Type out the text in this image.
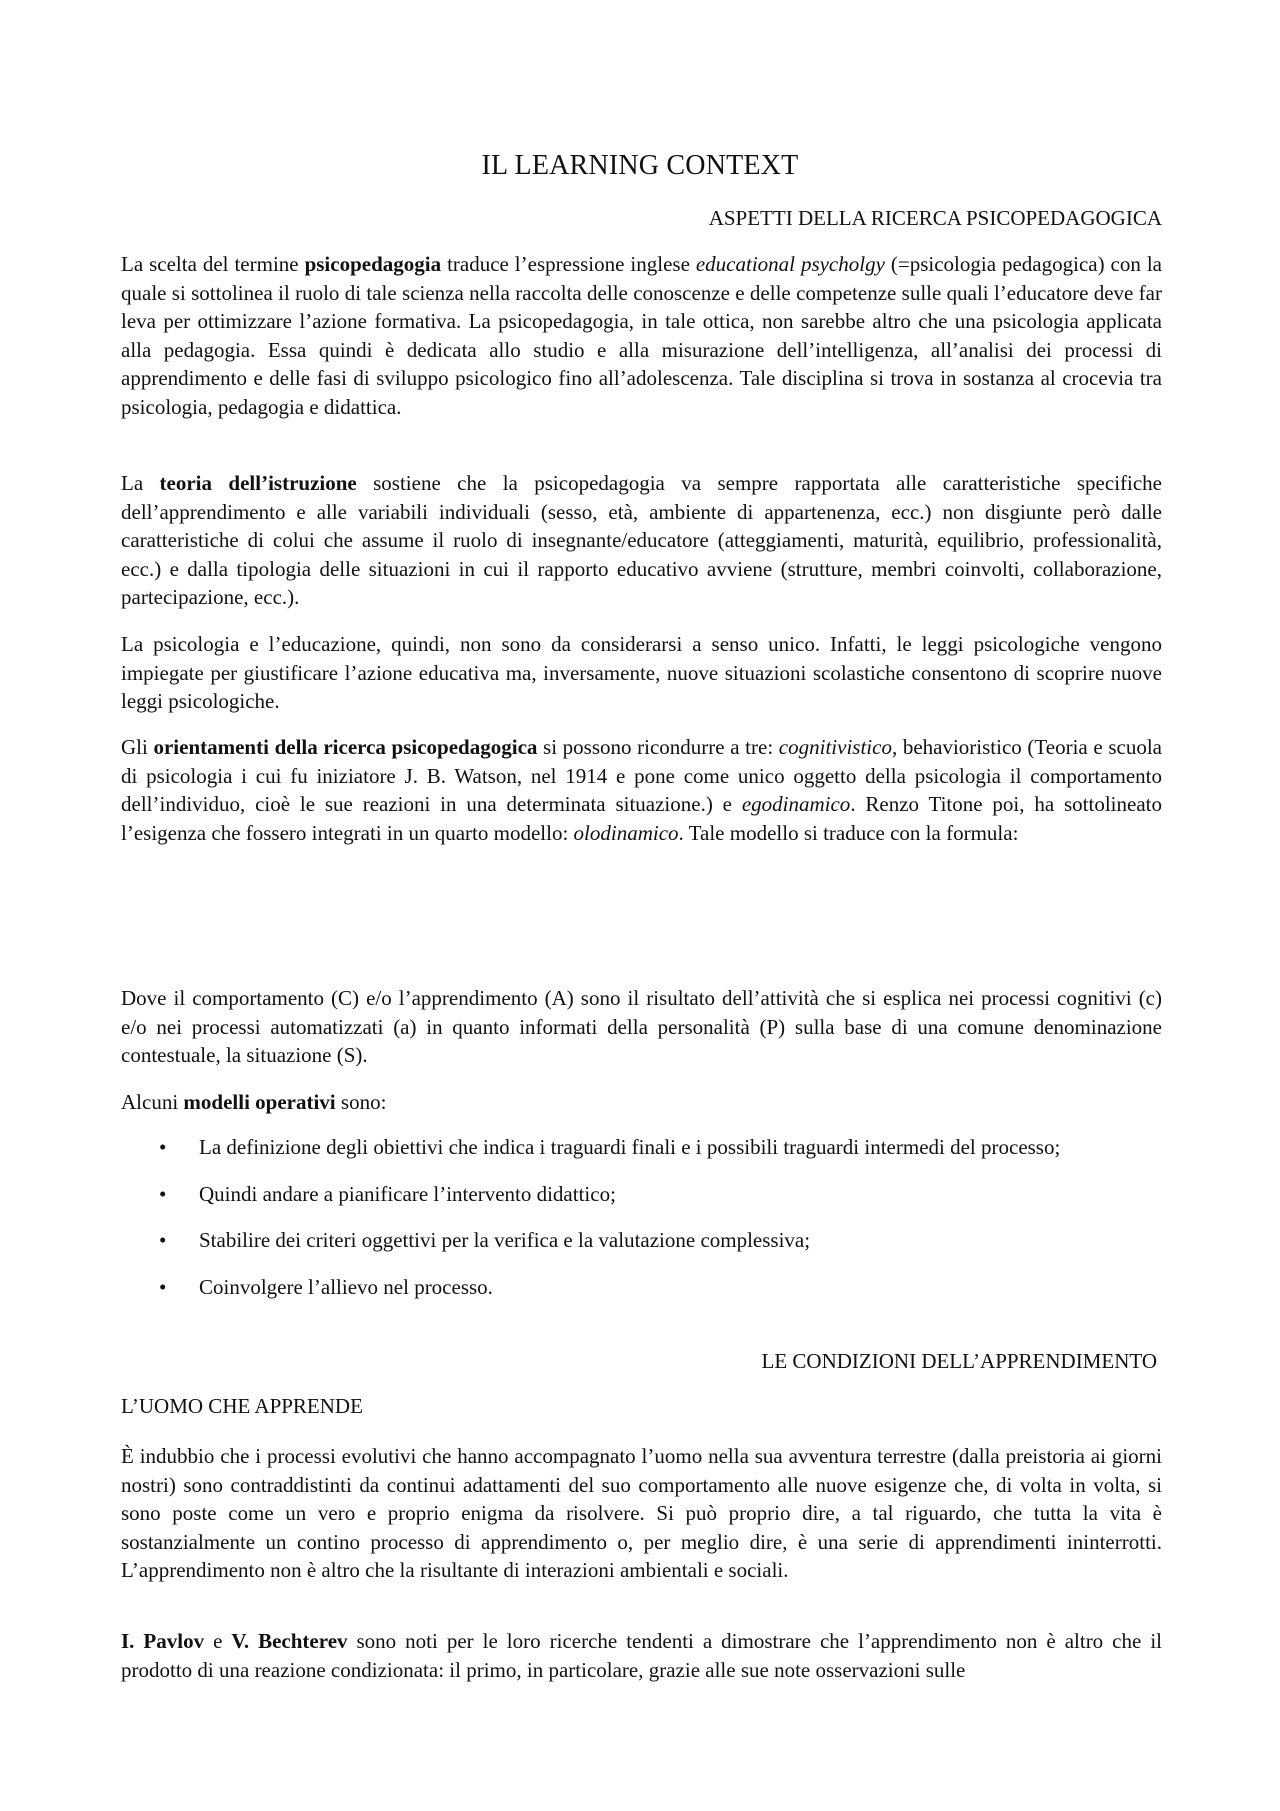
IL LEARNING CONTEXT
ASPETTI DELLA RICERCA PSICOPEDAGOGICA

La scelta del termine psicopedagogia traduce l’espressione inglese educational psycholgy (=psicologia pedagogica) con la quale si sottolinea il ruolo di tale scienza nella raccolta delle conoscenze e delle competenze sulle quali l’educatore deve far leva per ottimizzare l’azione formativa. La psicopedagogia, in tale ottica, non sarebbe altro che una psicologia applicata alla pedagogia. Essa quindi è dedicata allo studio e alla misurazione dell’intelligenza, all’analisi dei processi di apprendimento e delle fasi di sviluppo psicologico fino all’adolescenza. Tale disciplina si trova in sostanza al crocevia tra psicologia, pedagogia e didattica.

La teoria dell’istruzione sostiene che la psicopedagogia va sempre rapportata alle caratteristiche specifiche dell’apprendimento e alle variabili individuali (sesso, età, ambiente di appartenenza, ecc.) non disgiunte però dalle caratteristiche di colui che assume il ruolo di insegnante/educatore (atteggiamenti, maturità, equilibrio, professionalità, ecc.) e dalla tipologia delle situazioni in cui il rapporto educativo avviene (strutture, membri coinvolti, collaborazione, partecipazione, ecc.).

La psicologia e l’educazione, quindi, non sono da considerarsi a senso unico. Infatti, le leggi psicologiche vengono impiegate per giustificare l’azione educativa ma, inversamente, nuove situazioni scolastiche consentono di scoprire nuove leggi psicologiche.

Gli orientamenti della ricerca psicopedagogica si possono ricondurre a tre: cognitivistico, behavioristico (Teoria e scuola di psicologia i cui fu iniziatore J. B. Watson, nel 1914 e pone come unico oggetto della psicologia il comportamento dell’individuo, cioè le sue reazioni in una determinata situazione.) e egodinamico. Renzo Titone poi, ha sottolineato l’esigenza che fossero integrati in un quarto modello: olodinamico. Tale modello si traduce con la formula:

Dove il comportamento (C) e/o l’apprendimento (A) sono il risultato dell’attività che si esplica nei processi cognitivi (c) e/o nei processi automatizzati (a) in quanto informati della personalità (P) sulla base di una comune denominazione contestuale, la situazione (S).

Alcuni modelli operativi sono:

• La definizione degli obiettivi che indica i traguardi finali e i possibili traguardi intermedi del processo;
• Quindi andare a pianificare l’intervento didattico;
• Stabilire dei criteri oggettivi per la verifica e la valutazione complessiva;
• Coinvolgere l’allievo nel processo.
LE CONDIZIONI DELL’APPRENDIMENTO
L’UOMO CHE APPRENDE

È indubbio che i processi evolutivi che hanno accompagnato l’uomo nella sua avventura terrestre (dalla preistoria ai giorni nostri) sono contraddistinti da continui adattamenti del suo comportamento alle nuove esigenze che, di volta in volta, si sono poste come un vero e proprio enigma da risolvere. Si può proprio dire, a tal riguardo, che tutta la vita è sostanzialmente un contino processo di apprendimento o, per meglio dire, è una serie di apprendimenti ininterrotti. L’apprendimento non è altro che la risultante di interazioni ambientali e sociali.

I. Pavlov e V. Bechterev sono noti per le loro ricerche tendenti a dimostrare che l’apprendimento non è altro che il prodotto di una reazione condizionata: il primo, in particolare, grazie alle sue note osservazioni sulle
